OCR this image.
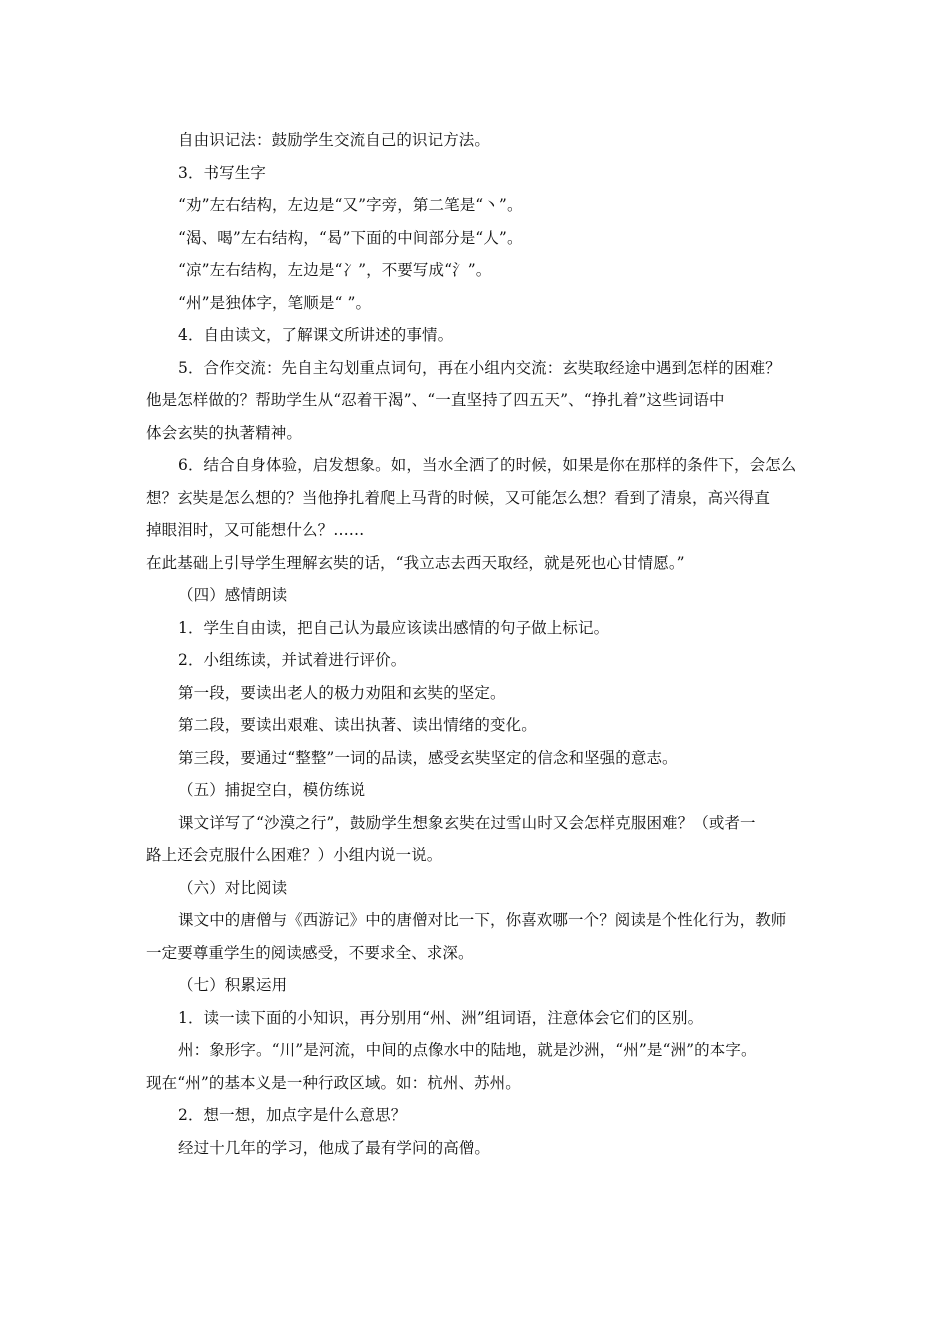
自由识记法：鼓励学生交流自己的识记方法。
3．书写生字
“劝”左右结构，左边是“又”字旁，第二笔是“丶”。
“渴、喝”左右结构，“曷”下面的中间部分是“人”。
“凉”左右结构，左边是“冫”，不要写成“氵”。
“州”是独体字，笔顺是“ ”。
4．自由读文，了解课文所讲述的事情。
5．合作交流：先自主勾划重点词句，再在小组内交流：玄奘取经途中遇到怎样的困难？
他是怎样做的？帮助学生从“忍着干渴”、“一直坚持了四五天”、“挣扎着”这些词语中
体会玄奘的执著精神。
6．结合自身体验，启发想象。如，当水全洒了的时候，如果是你在那样的条件下，会怎么
想？玄奘是怎么想的？当他挣扎着爬上马背的时候，又可能怎么想？看到了清泉，高兴得直
掉眼泪时，又可能想什么？……
在此基础上引导学生理解玄奘的话，“我立志去西天取经，就是死也心甘情愿。”
（四）感情朗读
1．学生自由读，把自己认为最应该读出感情的句子做上标记。
2．小组练读，并试着进行评价。
第一段，要读出老人的极力劝阻和玄奘的坚定。
第二段，要读出艰难、读出执著、读出情绪的变化。
第三段，要通过“整整”一词的品读，感受玄奘坚定的信念和坚强的意志。
（五）捕捉空白，模仿练说
课文详写了“沙漠之行”，鼓励学生想象玄奘在过雪山时又会怎样克服困难？（或者一
路上还会克服什么困难？）小组内说一说。
（六）对比阅读
课文中的唐僧与《西游记》中的唐僧对比一下，你喜欢哪一个？阅读是个性化行为，教师
一定要尊重学生的阅读感受，不要求全、求深。
（七）积累运用
1．读一读下面的小知识，再分别用“州、洲”组词语，注意体会它们的区别。
州：象形字。“川”是河流，中间的点像水中的陆地，就是沙洲，“州”是“洲”的本字。
现在“州”的基本义是一种行政区域。如：杭州、苏州。
2．想一想，加点字是什么意思？
经过十几年的学习，他成了最有学问的高僧。
